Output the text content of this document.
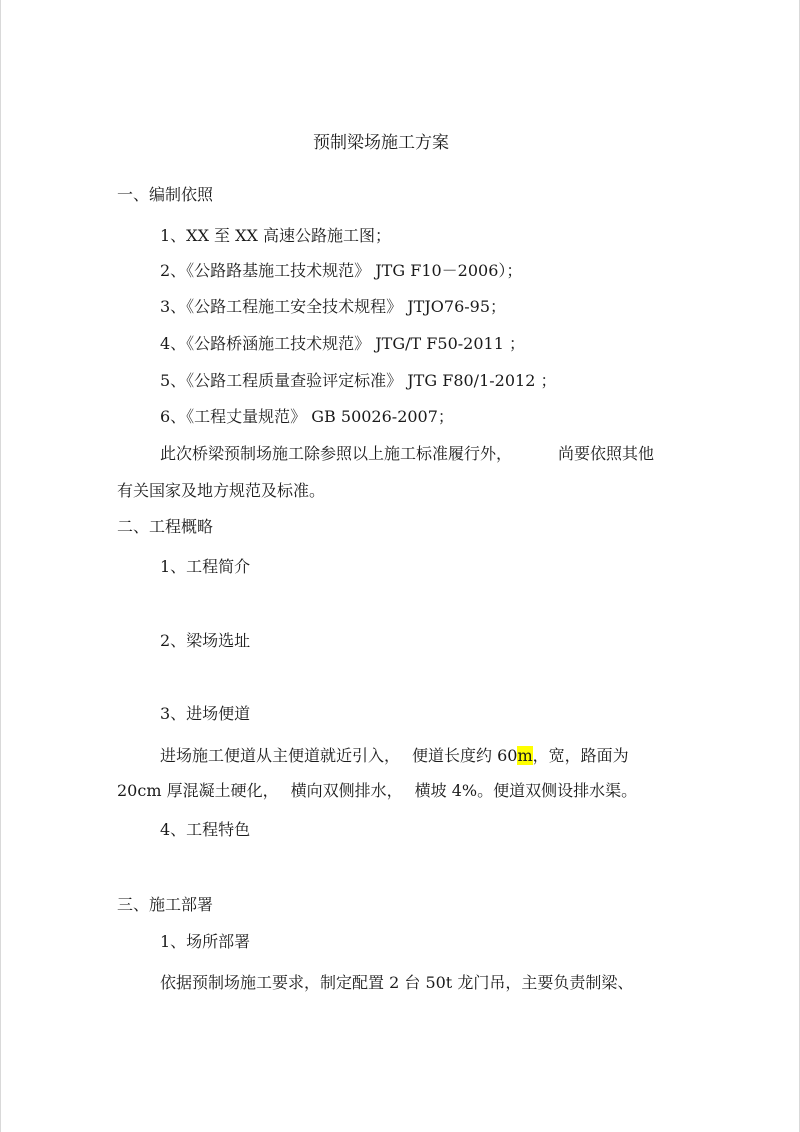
预制梁场施工方案
一、编制依照
1、XX 至 XX 高速公路施工图；
2、《公路路基施工技术规范》 JTG F10－2006）；
3、《公路工程施工安全技术规程》 JTJO76-95；
4、《公路桥涵施工技术规范》 JTG/T F50-2011 ；
5、《公路工程质量查验评定标准》 JTG F80/1-2012 ；
6、《工程丈量规范》 GB 50026-2007；
此次桥梁预制场施工除参照以上施工标准履行外，	尚要依照其他
有关国家及地方规范及标准。
二、工程概略
1、工程简介
2、梁场选址
3、进场便道
进场施工便道从主便道就近引入， 便道长度约 60m，宽，路面为
20cm 厚混凝土硬化， 横向双侧排水， 横坡 4%。便道双侧设排水渠。
4、工程特色
三、施工部署
1、场所部署
依据预制场施工要求，制定配置 2 台 50t 龙门吊，主要负责制梁、
